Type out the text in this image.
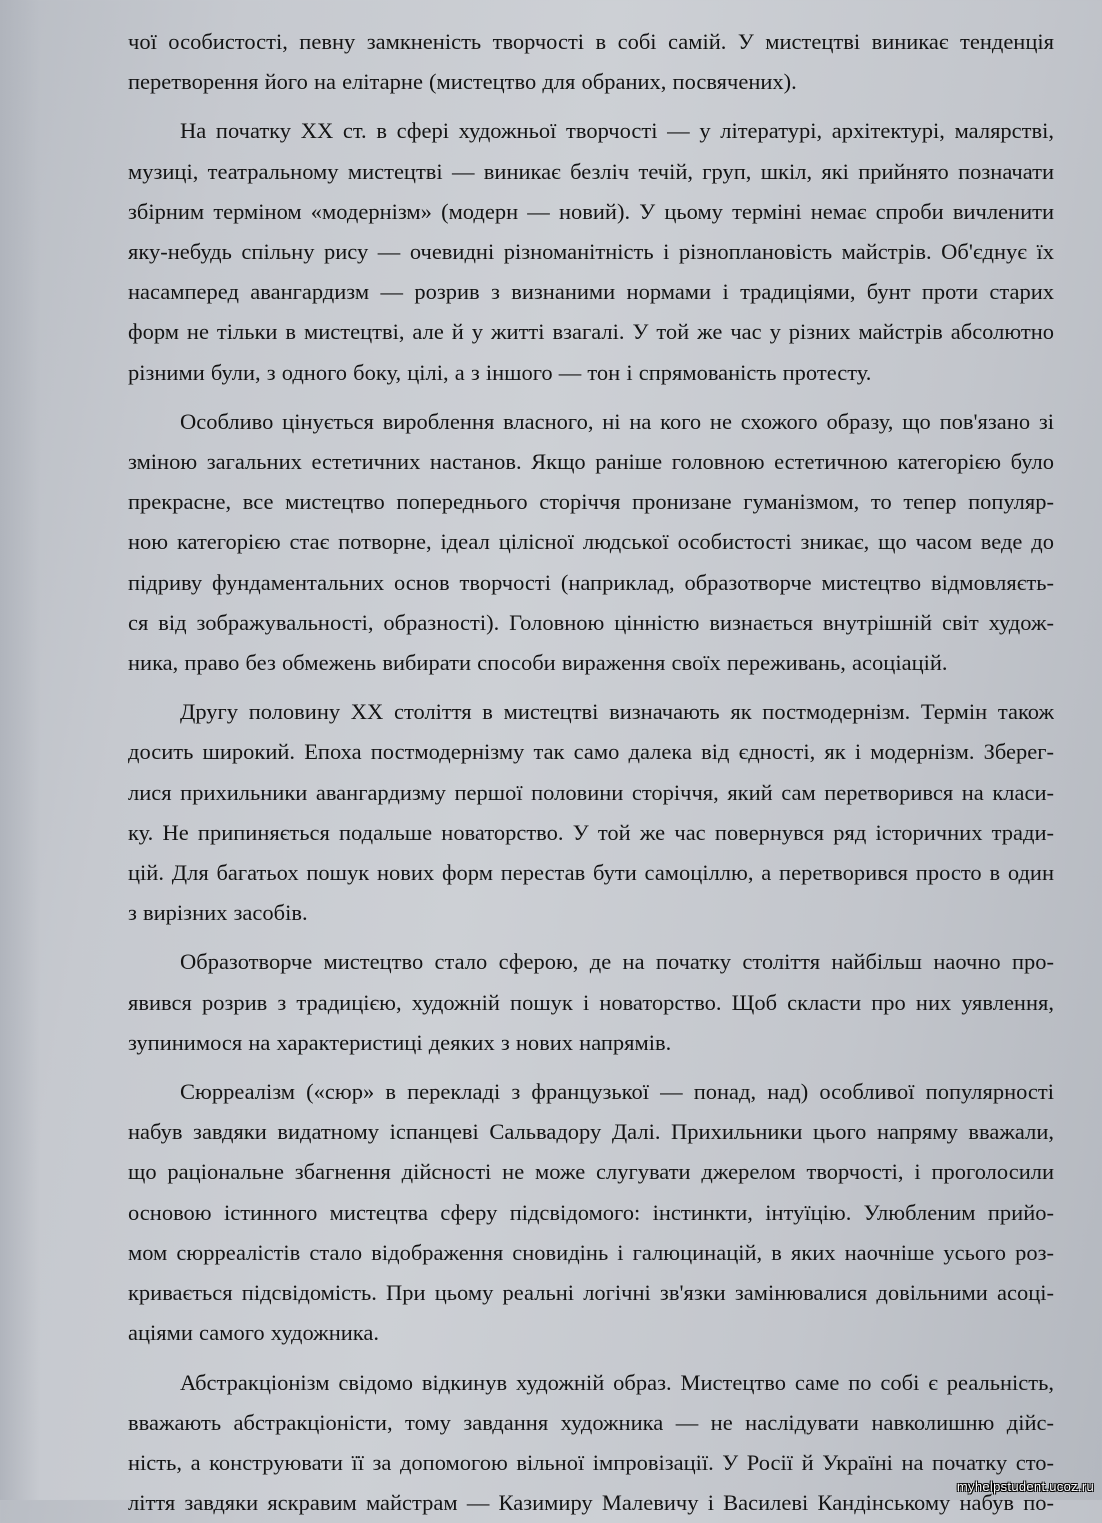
чої особистості, певну замкненість творчості в собі самій. У мистецтві виникає тенденція
перетворення його на елітарне (мистецтво для обраних, посвячених).
На початку XX ст. в сфері художньої творчості — у літературі, архітектурі, малярстві,
музиці, театральному мистецтві — виникає безліч течій, груп, шкіл, які прийнято позначати
збірним терміном «модернізм» (модерн — новий). У цьому терміні немає спроби вичленити
яку-небудь спільну рису — очевидні різноманітність і різноплановість майстрів. Об'єднує їх
насамперед авангардизм — розрив з визнаними нормами і традиціями, бунт проти старих
форм не тільки в мистецтві, але й у житті взагалі. У той же час у різних майстрів абсолютно
різними були, з одного боку, цілі, а з іншого — тон і спрямованість протесту.
Особливо цінується вироблення власного, ні на кого не схожого образу, що пов'язано зі
зміною загальних естетичних настанов. Якщо раніше головною естетичною категорією було
прекрасне, все мистецтво попереднього сторіччя пронизане гуманізмом, то тепер популяр-
ною категорією стає потворне, ідеал цілісної людської особистості зникає, що часом веде до
підриву фундаментальних основ творчості (наприклад, образотворче мистецтво відмовляєть-
ся від зображувальності, образності). Головною цінністю визнається внутрішній світ худож-
ника, право без обмежень вибирати способи вираження своїх переживань, асоціацій.
Другу половину XX століття в мистецтві визначають як постмодернізм. Термін також
досить широкий. Епоха постмодернізму так само далека від єдності, як і модернізм. Зберег-
лися прихильники авангардизму першої половини сторіччя, який сам перетворився на класи-
ку. Не припиняється подальше новаторство. У той же час повернувся ряд історичних тради-
цій. Для багатьох пошук нових форм перестав бути самоціллю, а перетворився просто в один
з вирізних засобів.
Образотворче мистецтво стало сферою, де на початку століття найбільш наочно про-
явився розрив з традицією, художній пошук і новаторство. Щоб скласти про них уявлення,
зупинимося на характеристиці деяких з нових напрямів.
Сюрреалізм («сюр» в перекладі з французької — понад, над) особливої популярності
набув завдяки видатному іспанцеві Сальвадору Далі. Прихильники цього напряму вважали,
що раціональне збагнення дійсності не може слугувати джерелом творчості, і проголосили
основою істинного мистецтва сферу підсвідомого: інстинкти, інтуїцію. Улюбленим прийо-
мом сюрреалістів стало відображення сновидінь і галюцинацій, в яких наочніше усього роз-
кривається підсвідомість. При цьому реальні логічні зв'язки замінювалися довільними асоці-
аціями самого художника.
Абстракціонізм свідомо відкинув художній образ. Мистецтво саме по собі є реальність,
вважають абстракціоністи, тому завдання художника — не наслідувати навколишню дійс-
ність, а конструювати її за допомогою вільної імпровізації. У Росії й Україні на початку сто-
ліття завдяки яскравим майстрам — Казимиру Малевичу і Василеві Кандінському набув по-
myhelpstudent.ucoz.ru
